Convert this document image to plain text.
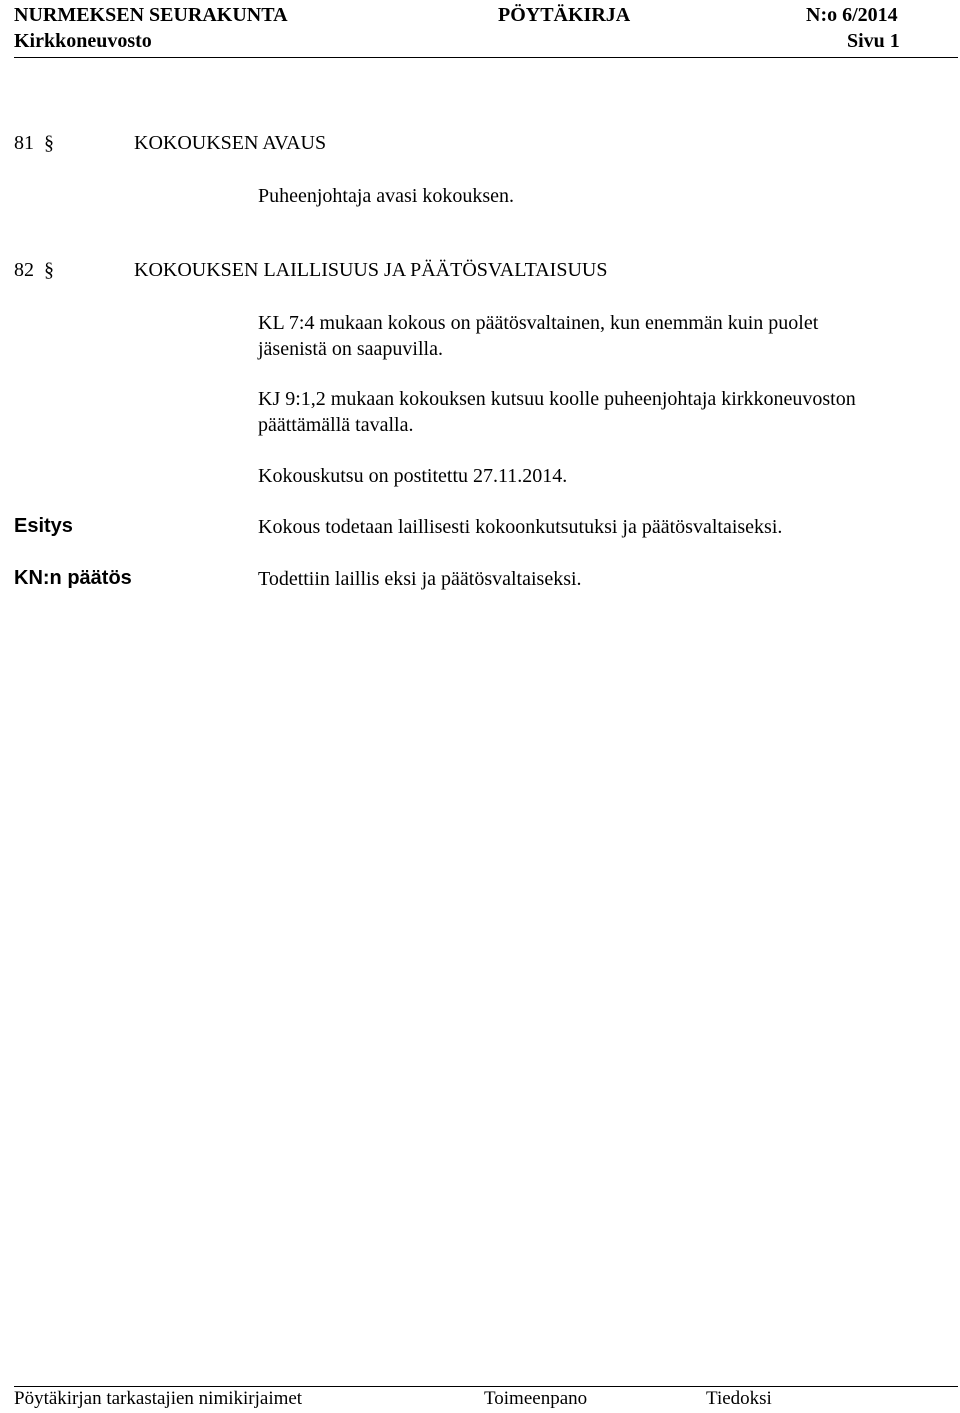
NURMEKSEN SEURAKUNTA	PÖYTÄKIRJA	N:o 6/2014
Kirkkoneuvosto	Sivu 1
81 §	KOKOUKSEN AVAUS
Puheenjohtaja avasi kokouksen.
82 §	KOKOUKSEN LAILLISUUS JA PÄÄTÖSVALTAISUUS
KL 7:4 mukaan kokous on päätösvaltainen, kun enemmän kuin puolet
jäsenistä on saapuvilla.
KJ 9:1,2 mukaan kokouksen kutsuu koolle puheenjohtaja kirkkoneuvoston
päättämällä tavalla.
Kokouskutsu on postitettu 27.11.2014.
Esitys	Kokous todetaan laillisesti kokoonkutsutuksi ja päätösvaltaiseksi.
KN:n päätös	Todettiin laillis eksi ja päätösvaltaiseksi.
Pöytäkirjan tarkastajien nimikirjaimet	Toimeenpano	Tiedoksi
